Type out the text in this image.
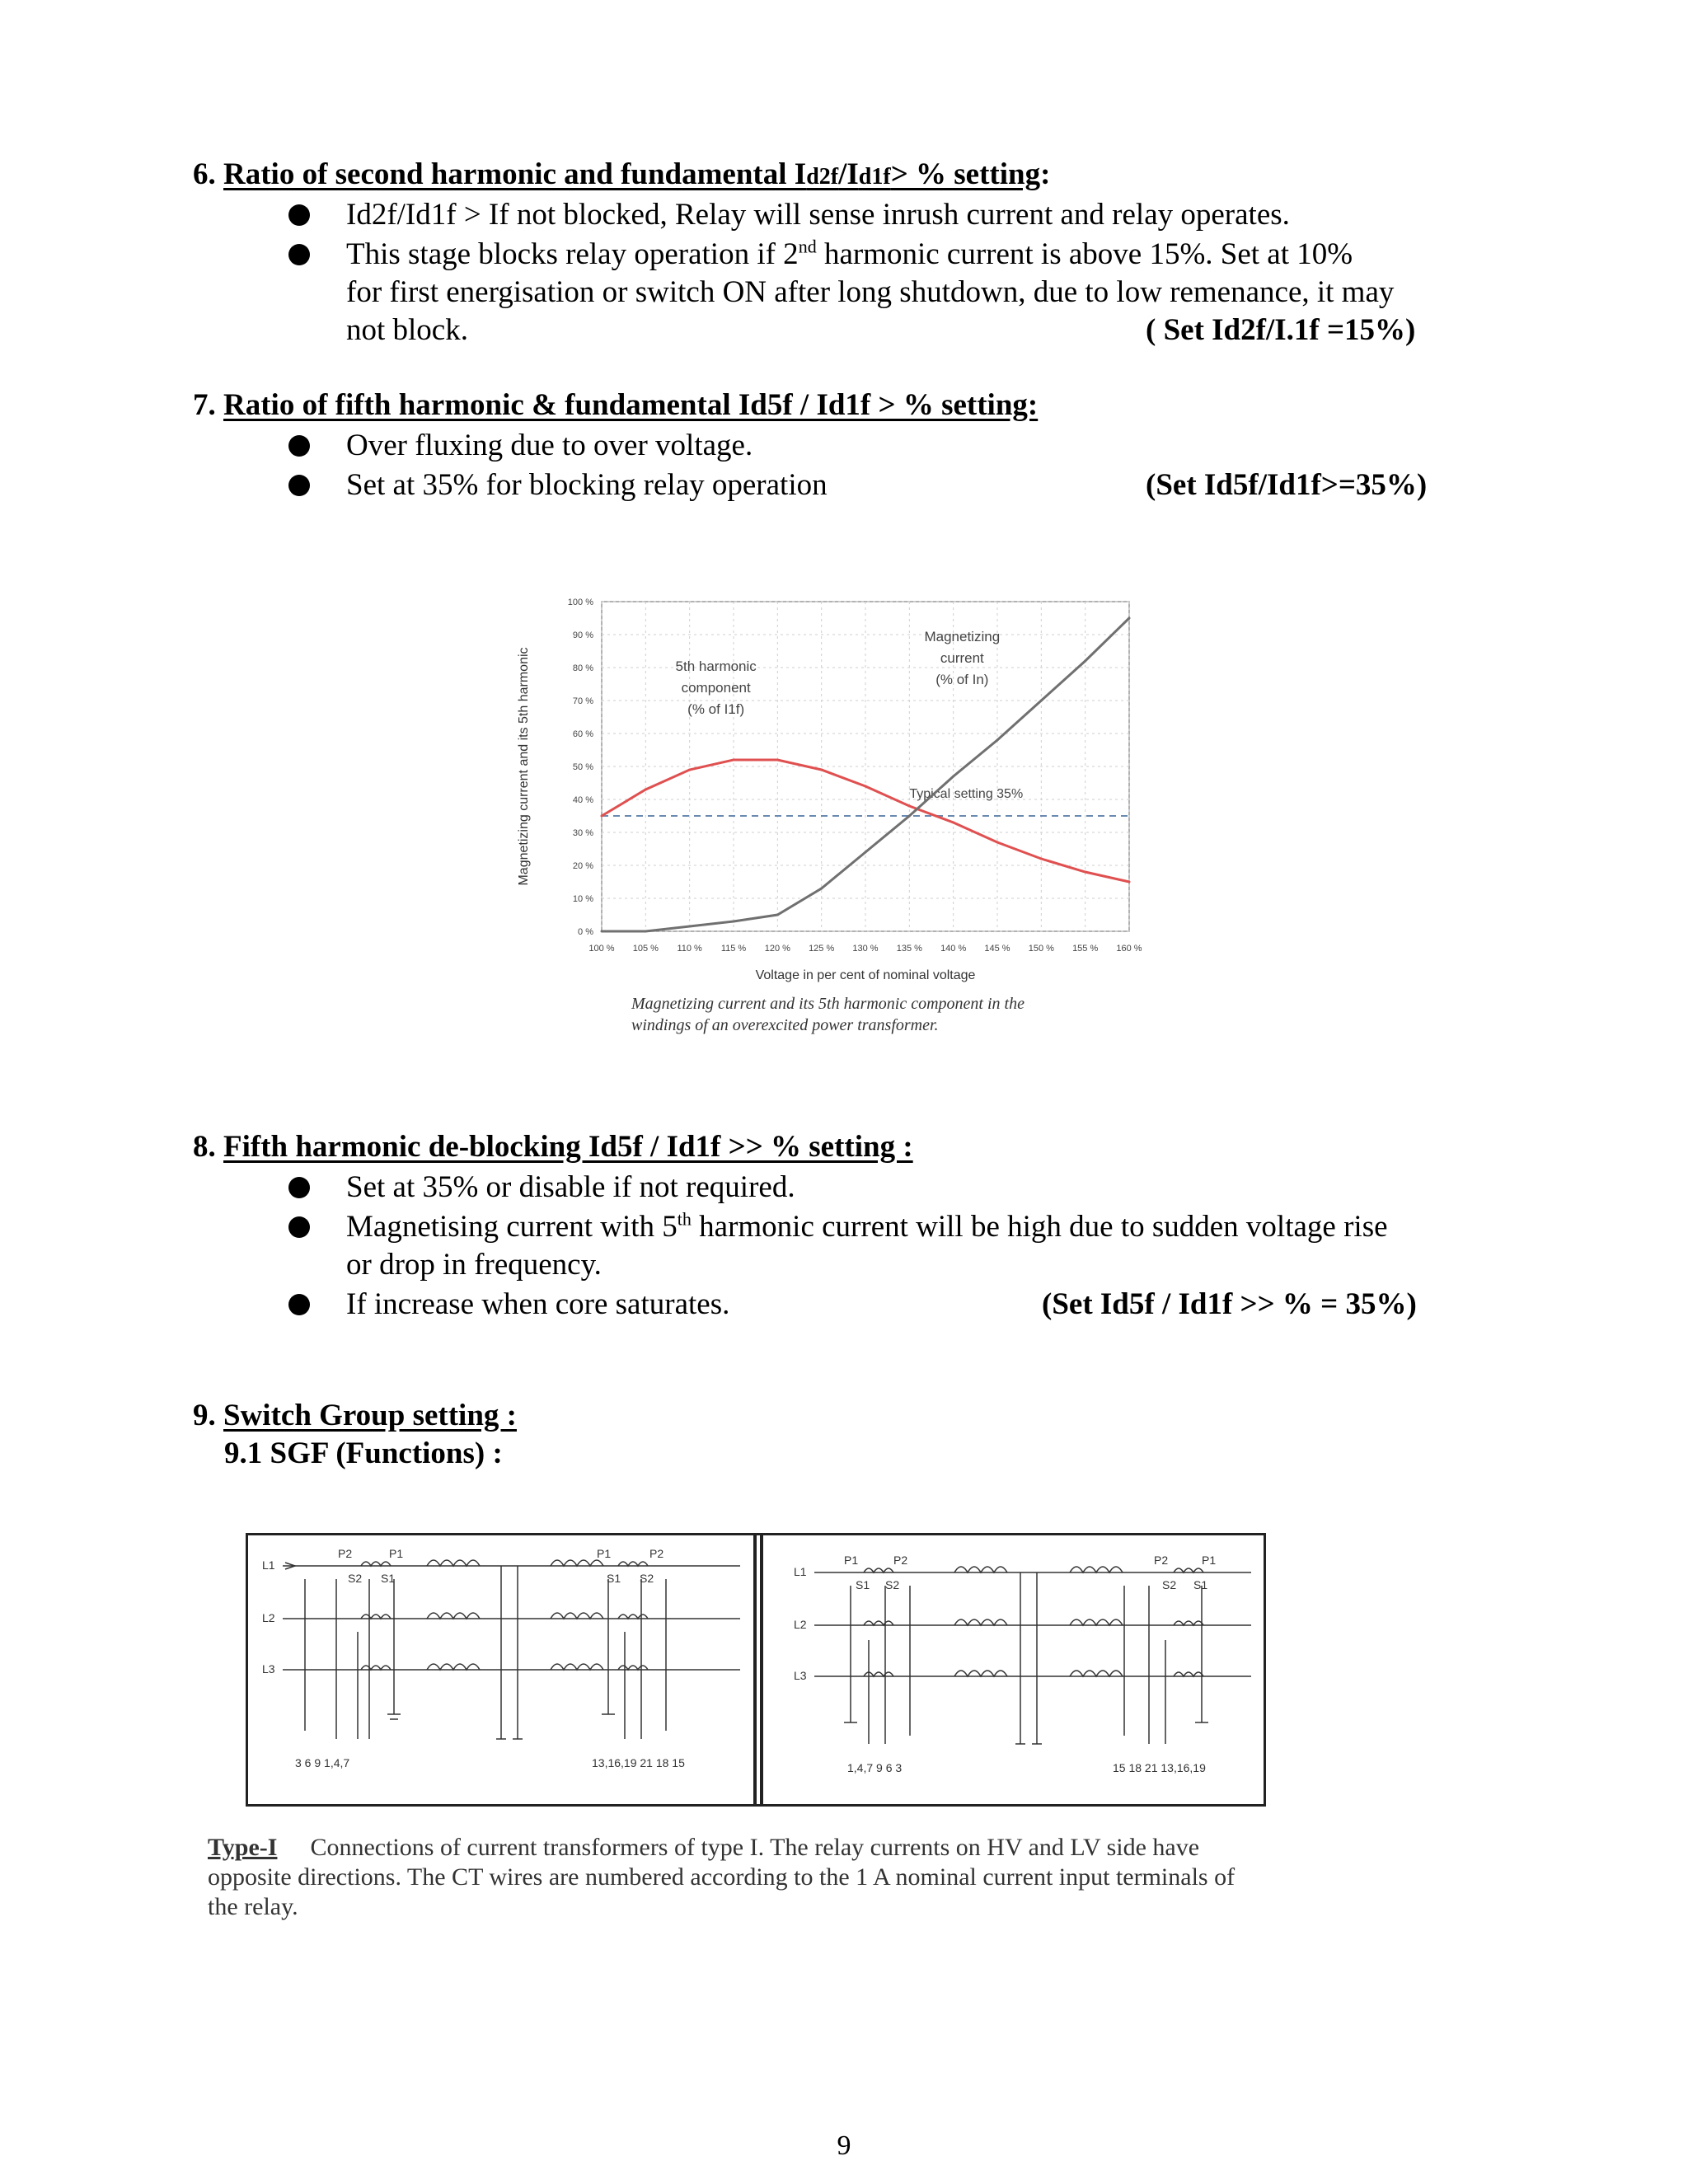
6. Ratio of second harmonic and fundamental Id2f/Id1f> % setting:
Id2f/Id1f > If not blocked, Relay will sense inrush current and relay operates.
This stage blocks relay operation if 2nd harmonic current is above 15%. Set at 10%
for first energisation or switch ON after long shutdown, due to low remenance, it may
not block.	( Set Id2f/I.1f =15%)
7. Ratio of fifth harmonic & fundamental Id5f / Id1f > % setting:
Over fluxing due to over voltage.
Set at 35% for blocking relay operation	(Set Id5f/Id1f>=35%)
100 % 105 % 110 % 115 % 120 % 125 % 130 % 135 % 140 % 145 % 150 % 155 % 160 %
0 %
10 %
20 %
30 %
40 %
50 %
60 %
70 %
80 %
90 %
100 %
Typical setting 35%
5th harmonic
component
(% of I1f)
Magnetizing
current
(% of In)
Voltage in per cent of nominal voltage
Magnetizing current and its 5th harmonic
Magnetizing current and its 5th harmonic component in the
windings of an overexcited power transformer.
8. Fifth harmonic de-blocking Id5f / Id1f >> % setting :
Set at 35% or disable if not required.
Magnetising current with 5th harmonic current will be high due to sudden voltage rise
or drop in frequency.
If increase when core saturates.	(Set Id5f / Id1f >> % = 35%)
9. Switch Group setting :
9.1 SGF (Functions) :
L1
L2
L3
P2	P1
S2 S1
P1	P2
S1 S2
3 6 9 1,4,7	13,16,19 21 18 15
L1
L2
L3
P1	P2
S1 S2
P2	P1
S2 S1
1,4,7 9 6 3	15 18 21 13,16,19
Type-I Connections of current transformers of type I. The relay currents on HV and LV side have opposite directions. The CT wires are numbered according to the 1 A nominal current input terminals of the relay.
9
